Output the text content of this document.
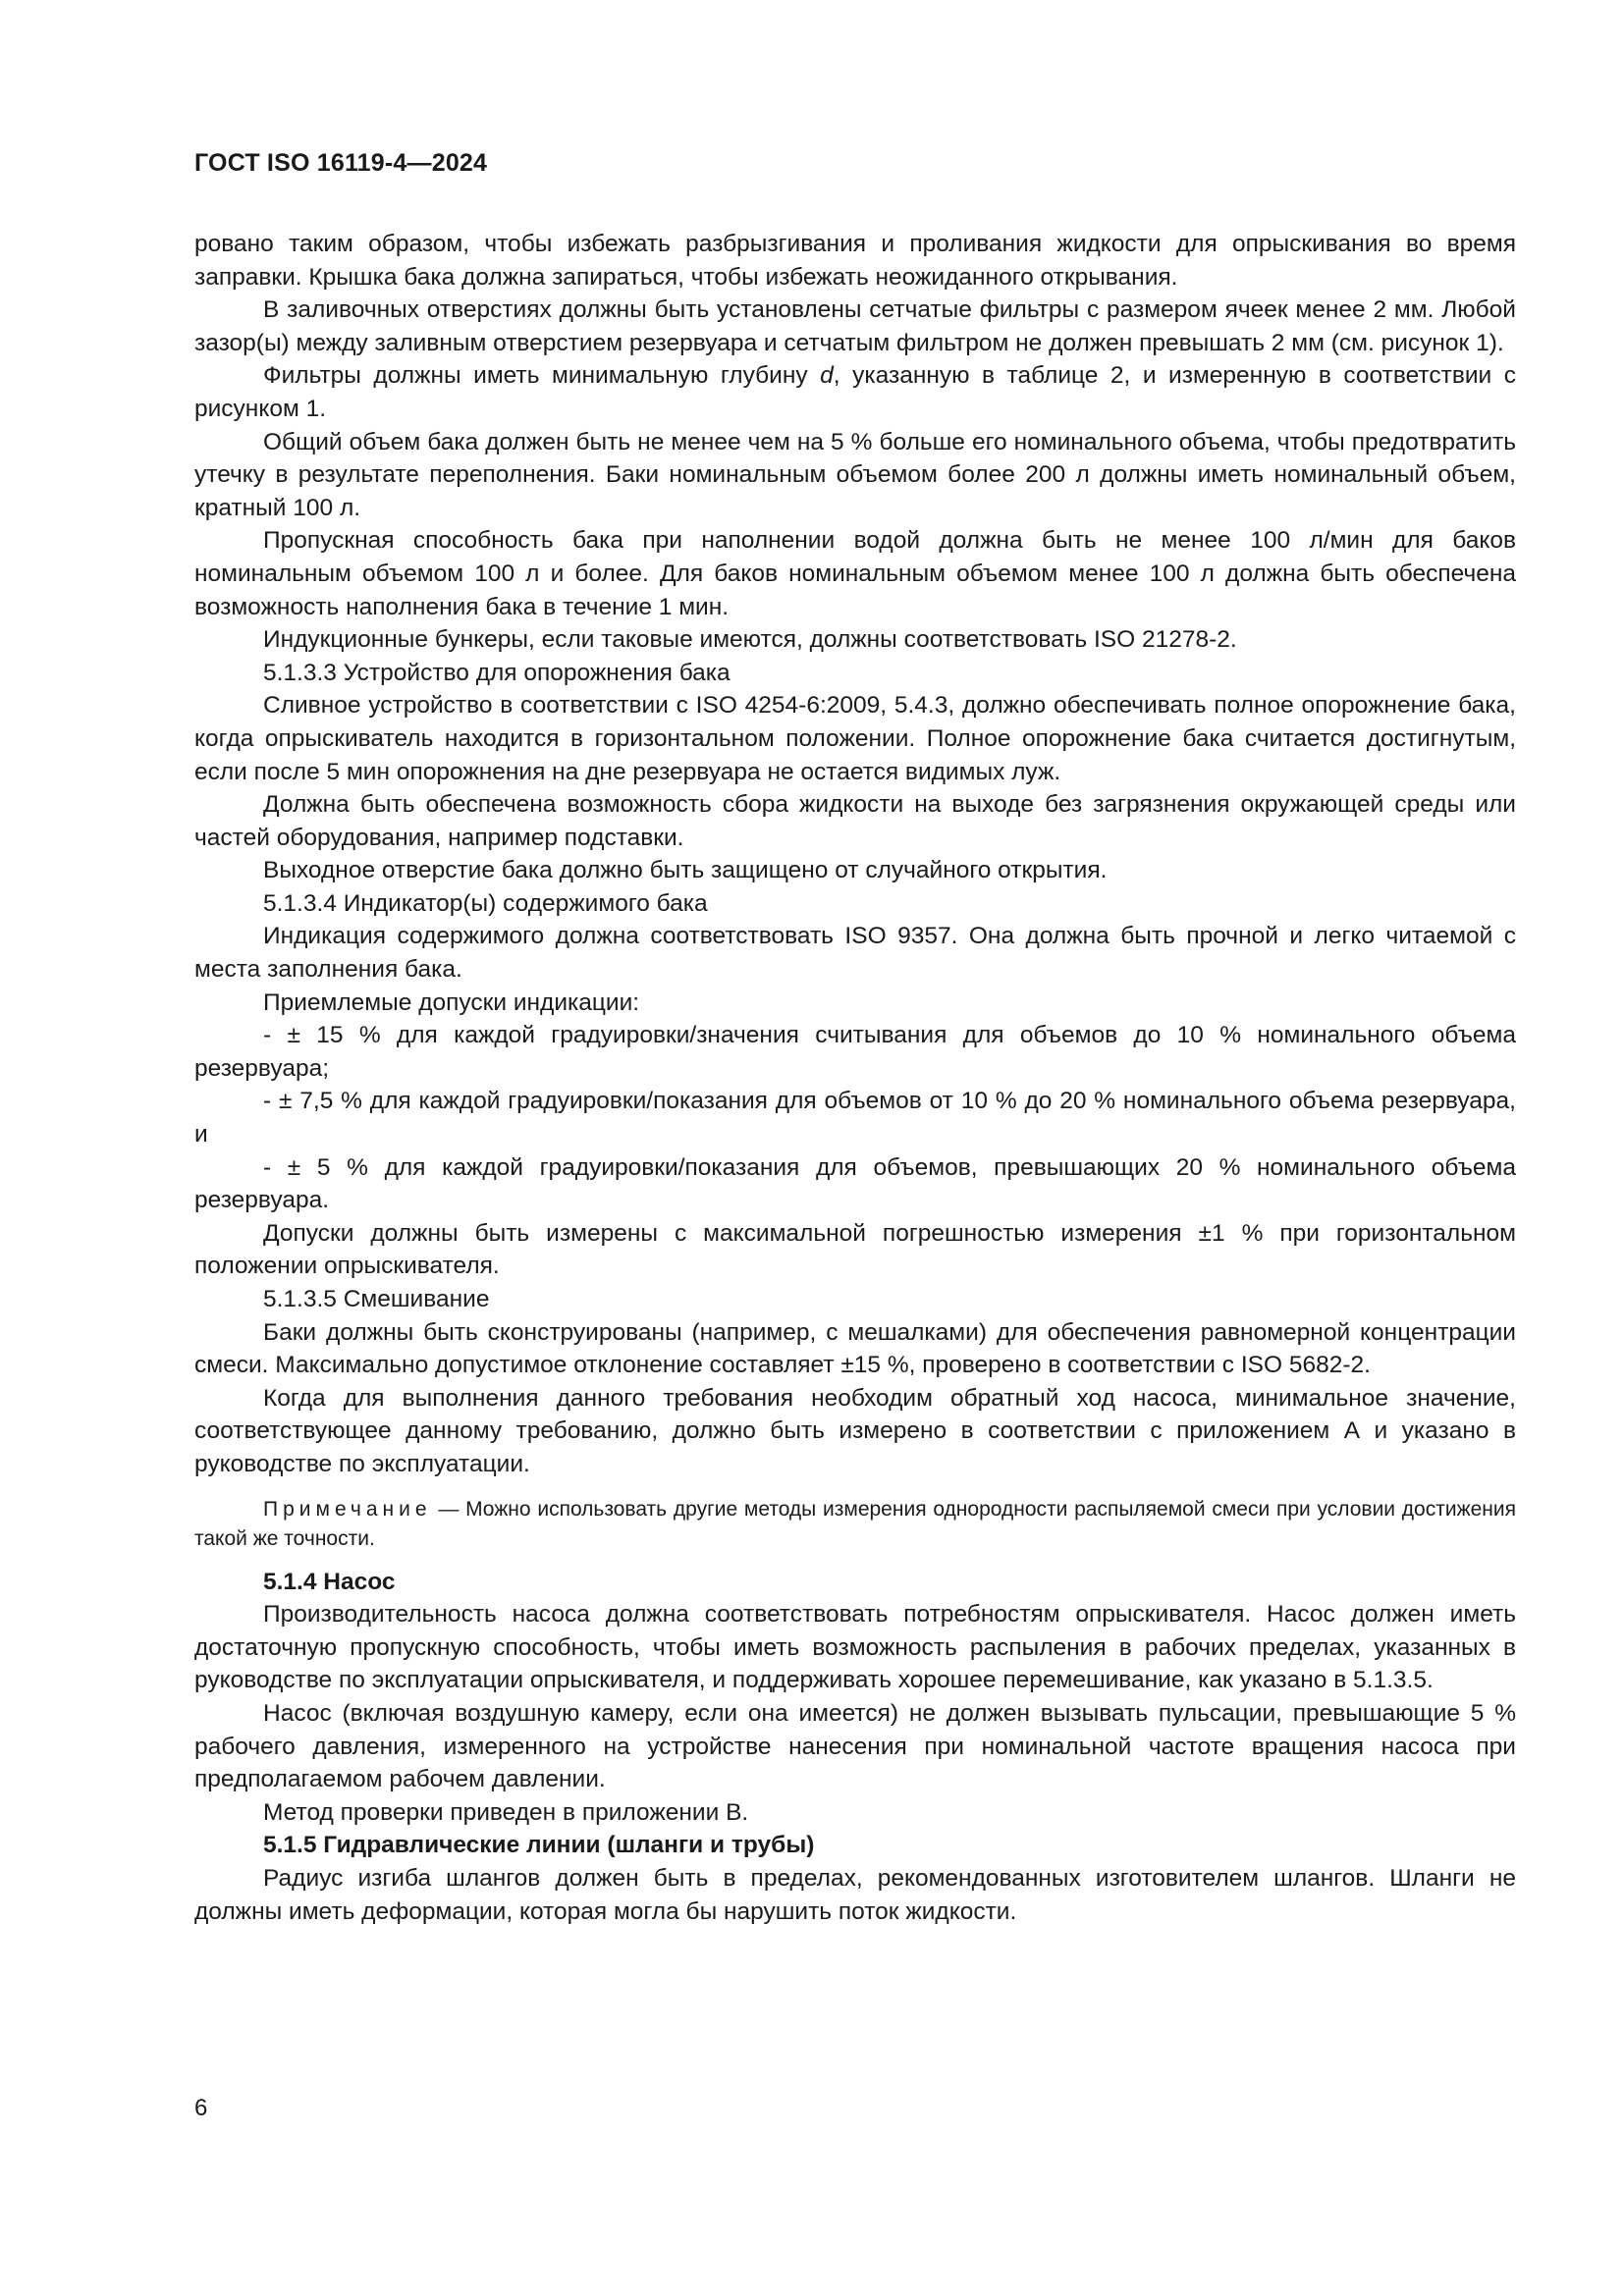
ГОСТ ISO 16119-4—2024

ровано таким образом, чтобы избежать разбрызгивания и проливания жидкости для опрыскивания во время заправки. Крышка бака должна запираться, чтобы избежать неожиданного открывания.

В заливочных отверстиях должны быть установлены сетчатые фильтры с размером ячеек менее 2 мм. Любой зазор(ы) между заливным отверстием резервуара и сетчатым фильтром не должен превышать 2 мм (см. рисунок 1).

Фильтры должны иметь минимальную глубину d, указанную в таблице 2, и измеренную в соответствии с рисунком 1.

Общий объем бака должен быть не менее чем на 5 % больше его номинального объема, чтобы предотвратить утечку в результате переполнения. Баки номинальным объемом более 200 л должны иметь номинальный объем, кратный 100 л.

Пропускная способность бака при наполнении водой должна быть не менее 100 л/мин для баков номинальным объемом 100 л и более. Для баков номинальным объемом менее 100 л должна быть обеспечена возможность наполнения бака в течение 1 мин.

Индукционные бункеры, если таковые имеются, должны соответствовать ISO 21278-2.

5.1.3.3 Устройство для опорожнения бака

Сливное устройство в соответствии с ISO 4254-6:2009, 5.4.3, должно обеспечивать полное опорожнение бака, когда опрыскиватель находится в горизонтальном положении. Полное опорожнение бака считается достигнутым, если после 5 мин опорожнения на дне резервуара не остается видимых луж.

Должна быть обеспечена возможность сбора жидкости на выходе без загрязнения окружающей среды или частей оборудования, например подставки.

Выходное отверстие бака должно быть защищено от случайного открытия.

5.1.3.4 Индикатор(ы) содержимого бака

Индикация содержимого должна соответствовать ISO 9357. Она должна быть прочной и легко читаемой с места заполнения бака.

Приемлемые допуски индикации:

- ± 15 % для каждой градуировки/значения считывания для объемов до 10 % номинального объема резервуара;

- ± 7,5 % для каждой градуировки/показания для объемов от 10 % до 20 % номинального объема резервуара, и

- ± 5 % для каждой градуировки/показания для объемов, превышающих 20 % номинального объема резервуара.

Допуски должны быть измерены с максимальной погрешностью измерения ±1 % при горизонтальном положении опрыскивателя.

5.1.3.5 Смешивание

Баки должны быть сконструированы (например, с мешалками) для обеспечения равномерной концентрации смеси. Максимально допустимое отклонение составляет ±15 %, проверено в соответствии с ISO 5682-2.

Когда для выполнения данного требования необходим обратный ход насоса, минимальное значение, соответствующее данному требованию, должно быть измерено в соответствии с приложением А и указано в руководстве по эксплуатации.

Примечание — Можно использовать другие методы измерения однородности распыляемой смеси при условии достижения такой же точности.

5.1.4 Насос

Производительность насоса должна соответствовать потребностям опрыскивателя. Насос должен иметь достаточную пропускную способность, чтобы иметь возможность распыления в рабочих пределах, указанных в руководстве по эксплуатации опрыскивателя, и поддерживать хорошее перемешивание, как указано в 5.1.3.5.

Насос (включая воздушную камеру, если она имеется) не должен вызывать пульсации, превышающие 5 % рабочего давления, измеренного на устройстве нанесения при номинальной частоте вращения насоса при предполагаемом рабочем давлении.

Метод проверки приведен в приложении В.

5.1.5 Гидравлические линии (шланги и трубы)

Радиус изгиба шлангов должен быть в пределах, рекомендованных изготовителем шлангов. Шланги не должны иметь деформации, которая могла бы нарушить поток жидкости.

6
